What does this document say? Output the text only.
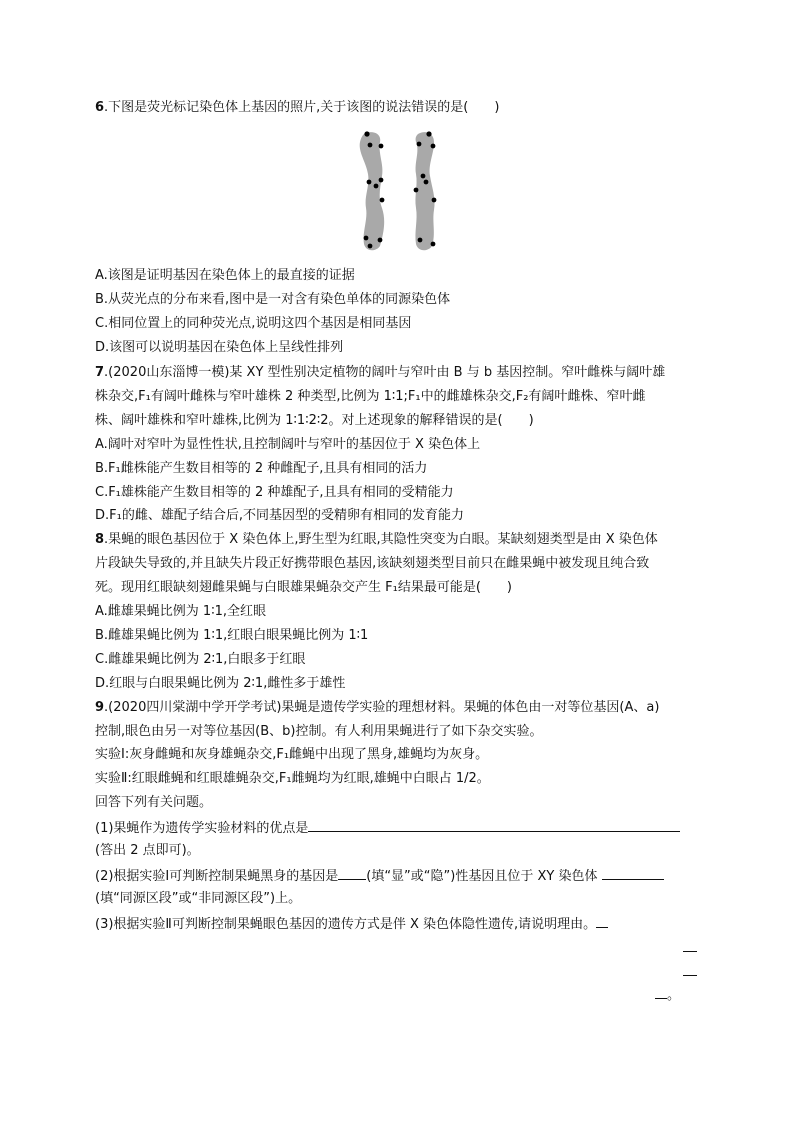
6.下图是荧光标记染色体上基因的照片,关于该图的说法错误的是(　　)
A.该图是证明基因在染色体上的最直接的证据
B.从荧光点的分布来看,图中是一对含有染色单体的同源染色体
C.相同位置上的同种荧光点,说明这四个基因是相同基因
D.该图可以说明基因在染色体上呈线性排列
7.(2020山东淄博一模)某 XY 型性别决定植物的阔叶与窄叶由 B 与 b 基因控制。窄叶雌株与阔叶雄
株杂交,F₁有阔叶雌株与窄叶雄株 2 种类型,比例为 1∶1;F₁中的雌雄株杂交,F₂有阔叶雌株、窄叶雌
株、阔叶雄株和窄叶雄株,比例为 1∶1∶2∶2。对上述现象的解释错误的是(　　)
A.阔叶对窄叶为显性性状,且控制阔叶与窄叶的基因位于 X 染色体上
B.F₁雌株能产生数目相等的 2 种雌配子,且具有相同的活力
C.F₁雄株能产生数目相等的 2 种雄配子,且具有相同的受精能力
D.F₁的雌、雄配子结合后,不同基因型的受精卵有相同的发育能力
8.果蝇的眼色基因位于 X 染色体上,野生型为红眼,其隐性突变为白眼。某缺刻翅类型是由 X 染色体
片段缺失导致的,并且缺失片段正好携带眼色基因,该缺刻翅类型目前只在雌果蝇中被发现且纯合致
死。现用红眼缺刻翅雌果蝇与白眼雄果蝇杂交产生 F₁结果最可能是(　　)
A.雌雄果蝇比例为 1∶1,全红眼
B.雌雄果蝇比例为 1∶1,红眼白眼果蝇比例为 1∶1
C.雌雄果蝇比例为 2∶1,白眼多于红眼
D.红眼与白眼果蝇比例为 2∶1,雌性多于雄性
9.(2020四川棠湖中学开学考试)果蝇是遗传学实验的理想材料。果蝇的体色由一对等位基因(A、a)
控制,眼色由另一对等位基因(B、b)控制。有人利用果蝇进行了如下杂交实验。
实验Ⅰ:灰身雌蝇和灰身雄蝇杂交,F₁雌蝇中出现了黑身,雄蝇均为灰身。
实验Ⅱ:红眼雌蝇和红眼雄蝇杂交,F₁雌蝇均为红眼,雄蝇中白眼占 1/2。
回答下列有关问题。
(1)果蝇作为遗传学实验材料的优点是
(答出 2 点即可)。
(2)根据实验Ⅰ可判断控制果蝇黑身的基因是 (填“显”或“隐”)性基因且位于 XY 染色体
(填“同源区段”或“非同源区段”)上。
(3)根据实验Ⅱ可判断控制果蝇眼色基因的遗传方式是伴 X 染色体隐性遗传,请说明理由。
。
